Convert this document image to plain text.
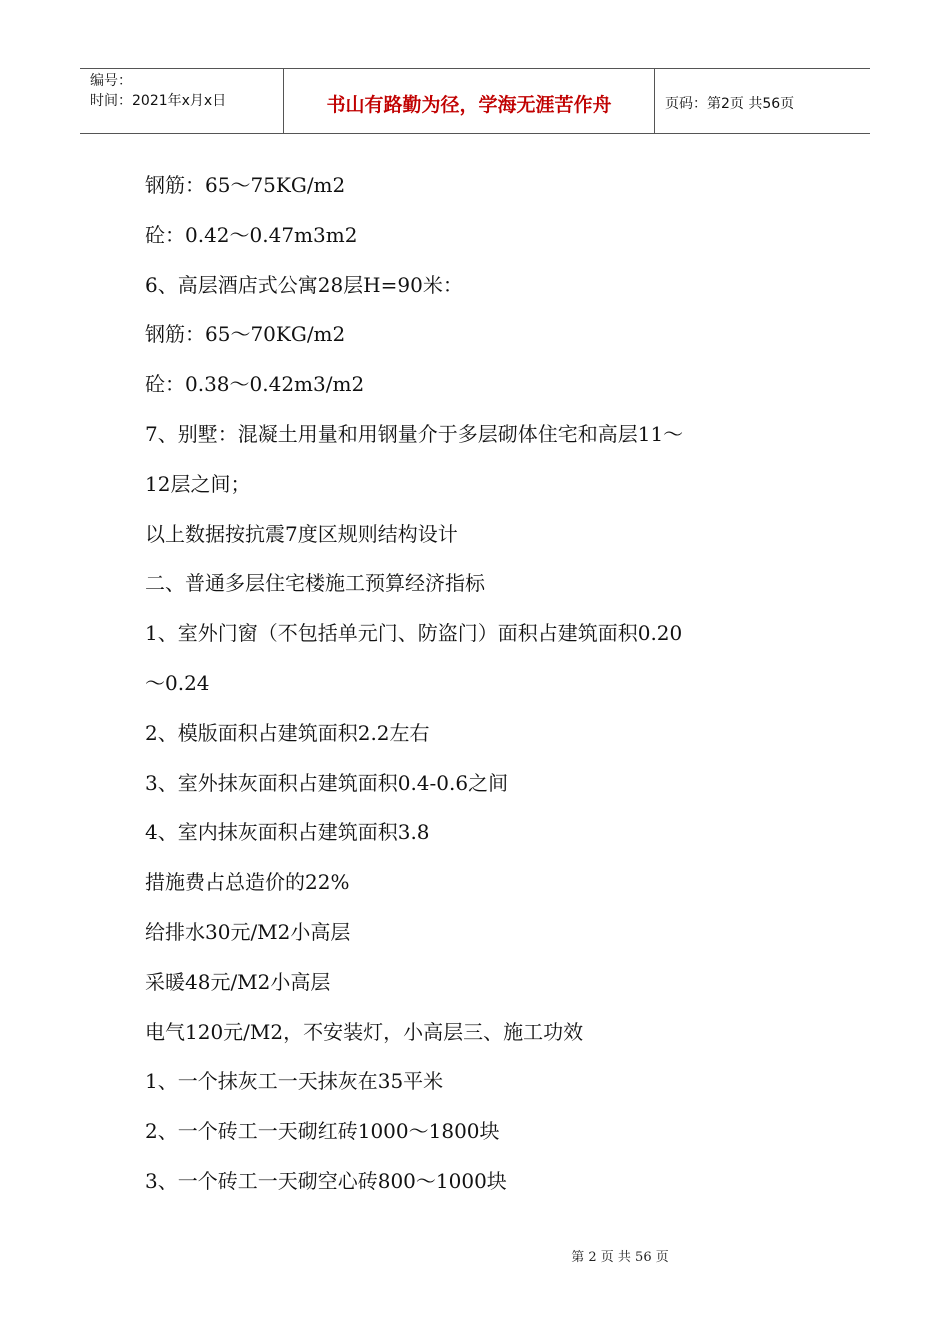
编号：
时间：2021年x月x日	书山有路勤为径，学海无涯苦作舟	页码：第2页 共56页

钢筋：65～75KG/m2

砼：0.42～0.47m3m2

6、高层酒店式公寓28层H=90米：

钢筋：65～70KG/m2

砼：0.38～0.42m3/m2

7、别墅：混凝土用量和用钢量介于多层砌体住宅和高层11～

12层之间；

以上数据按抗震7度区规则结构设计

二、普通多层住宅楼施工预算经济指标

1、室外门窗（不包括单元门、防盗门）面积占建筑面积0.20

～0.24

2、模版面积占建筑面积2.2左右

3、室外抹灰面积占建筑面积0.4-0.6之间

4、室内抹灰面积占建筑面积3.8

措施费占总造价的22%

给排水30元/M2小高层

采暖48元/M2小高层

电气120元/M2，不安装灯，小高层三、施工功效

1、一个抹灰工一天抹灰在35平米

2、一个砖工一天砌红砖1000～1800块

3、一个砖工一天砌空心砖800～1000块

第 2 页 共 56 页
